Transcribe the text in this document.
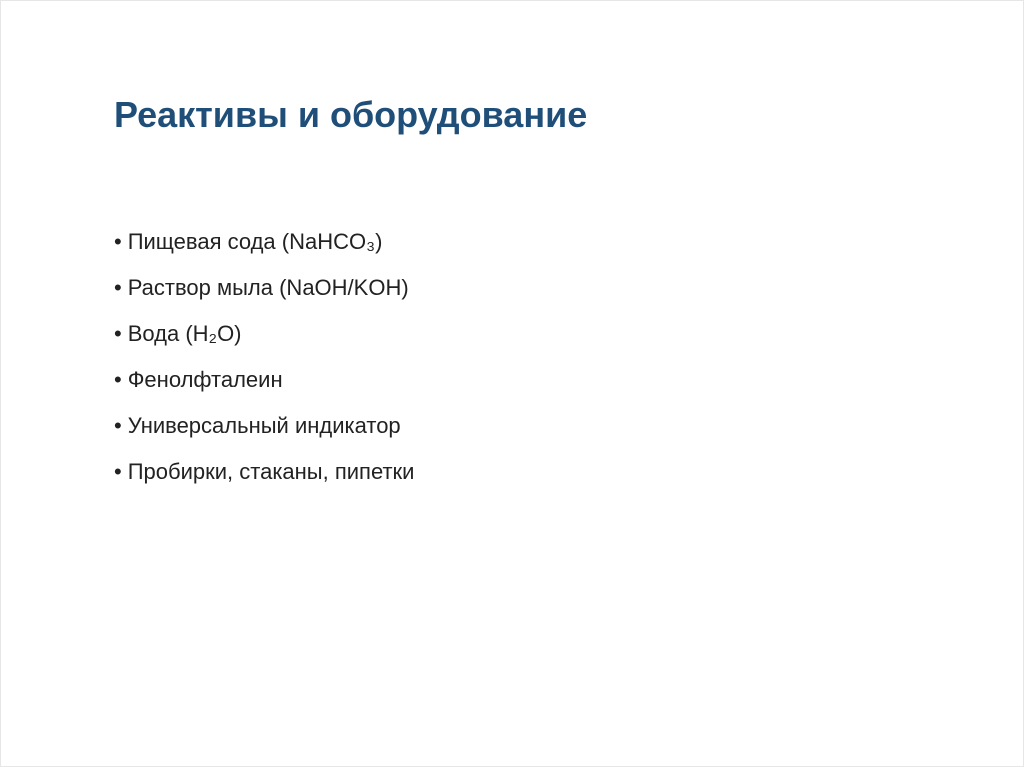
Реактивы и оборудование
• Пищевая сода (NaHCO₃)
• Раствор мыла (NaOH/KOH)
• Вода (H₂O)
• Фенолфталеин
• Универсальный индикатор
• Пробирки, стаканы, пипетки
